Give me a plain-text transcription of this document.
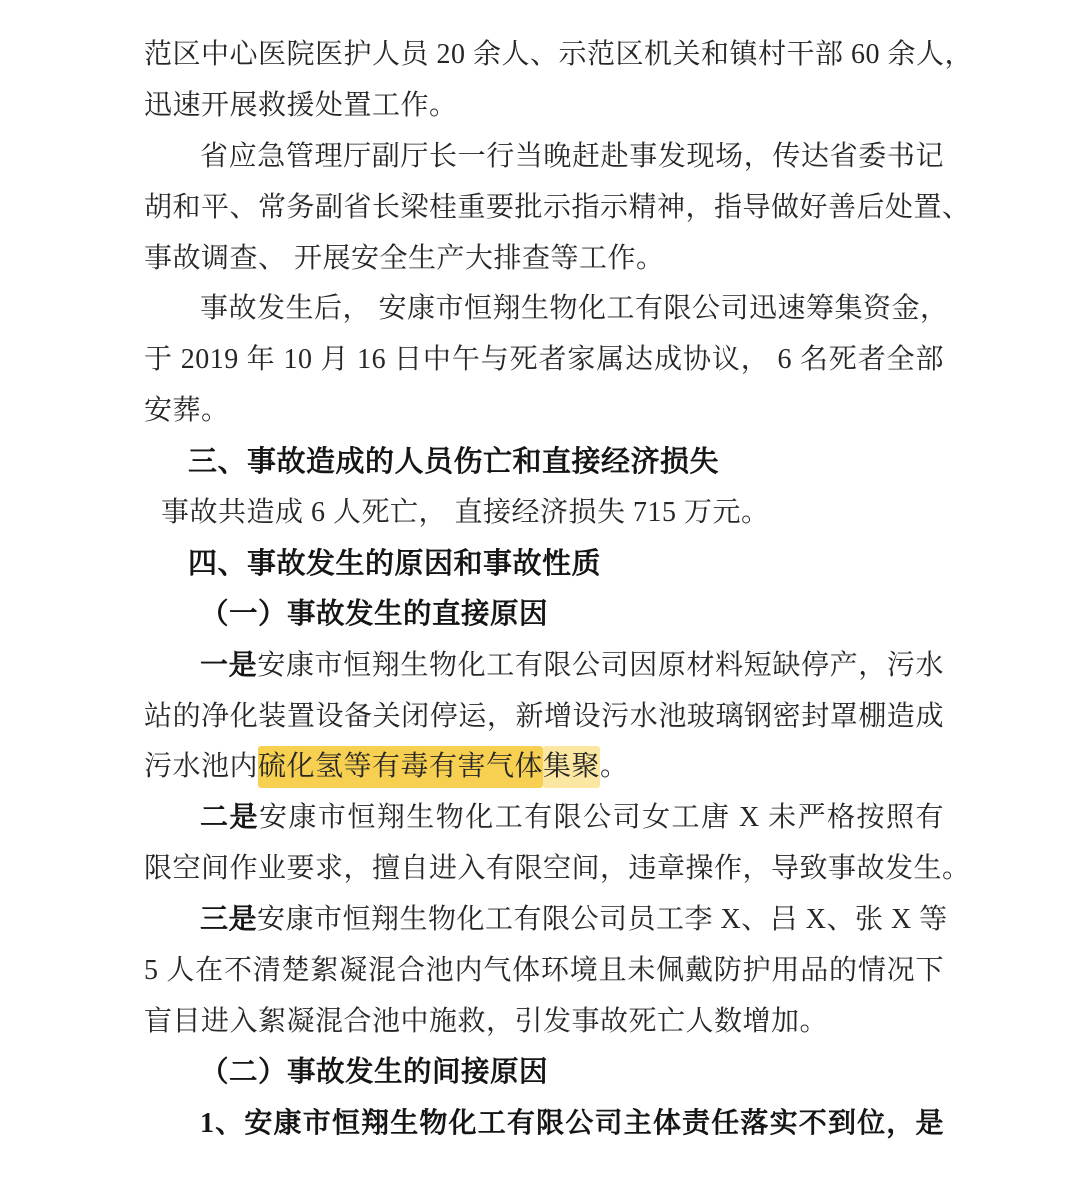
范区中心医院医护人员 20 余人、示范区机关和镇村干部 60 余人，
迅速开展救援处置工作。
省应急管理厅副厅长一行当晚赶赴事发现场，传达省委书记
胡和平、常务副省长梁桂重要批示指示精神，指导做好善后处置、
事故调查、 开展安全生产大排查等工作。
事故发生后， 安康市恒翔生物化工有限公司迅速筹集资金，
于 2019 年 10 月 16 日中午与死者家属达成协议， 6 名死者全部
安葬。
三、事故造成的人员伤亡和直接经济损失
事故共造成 6 人死亡， 直接经济损失 715 万元。
四、事故发生的原因和事故性质
（一）事故发生的直接原因
一是安康市恒翔生物化工有限公司因原材料短缺停产，污水
站的净化装置设备关闭停运，新增设污水池玻璃钢密封罩棚造成
污水池内硫化氢等有毒有害气体集聚。
二是安康市恒翔生物化工有限公司女工唐 X 未严格按照有
限空间作业要求，擅自进入有限空间，违章操作，导致事故发生。
三是安康市恒翔生物化工有限公司员工李 X、吕 X、张 X 等
5 人在不清楚絮凝混合池内气体环境且未佩戴防护用品的情况下
盲目进入絮凝混合池中施救，引发事故死亡人数增加。
（二）事故发生的间接原因
1、安康市恒翔生物化工有限公司主体责任落实不到位，是
